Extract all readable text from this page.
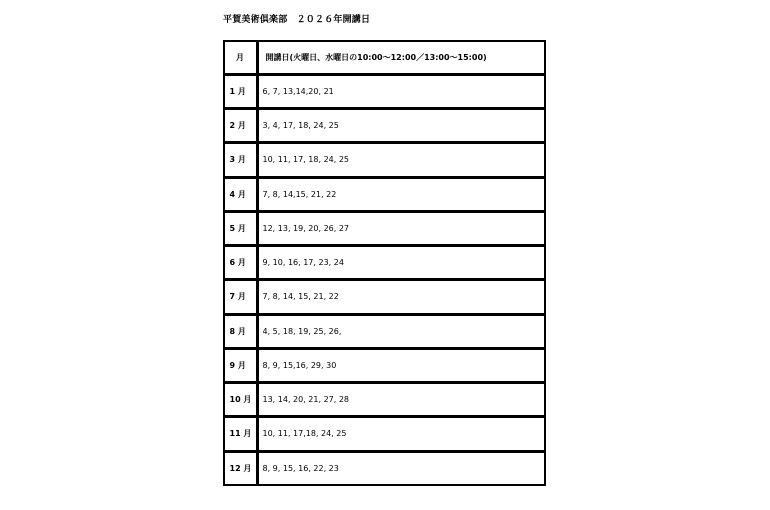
平賀美術倶楽部　２０２６年開講日
月	開講日(火曜日、水曜日の10:00〜12:00／13:00〜15:00)
1 月	6, 7, 13,14,20, 21
2 月	3, 4, 17, 18, 24, 25
3 月	10, 11, 17, 18, 24, 25
4 月	7, 8, 14,15, 21, 22
5 月	12, 13, 19, 20, 26, 27
6 月	9, 10, 16, 17, 23, 24
7 月	7, 8, 14, 15, 21, 22
8 月	4, 5, 18, 19, 25, 26,
9 月	8, 9, 15,16, 29, 30
10 月	13, 14, 20, 21, 27, 28
11 月	10, 11, 17,18, 24, 25
12 月	8, 9, 15, 16, 22, 23
